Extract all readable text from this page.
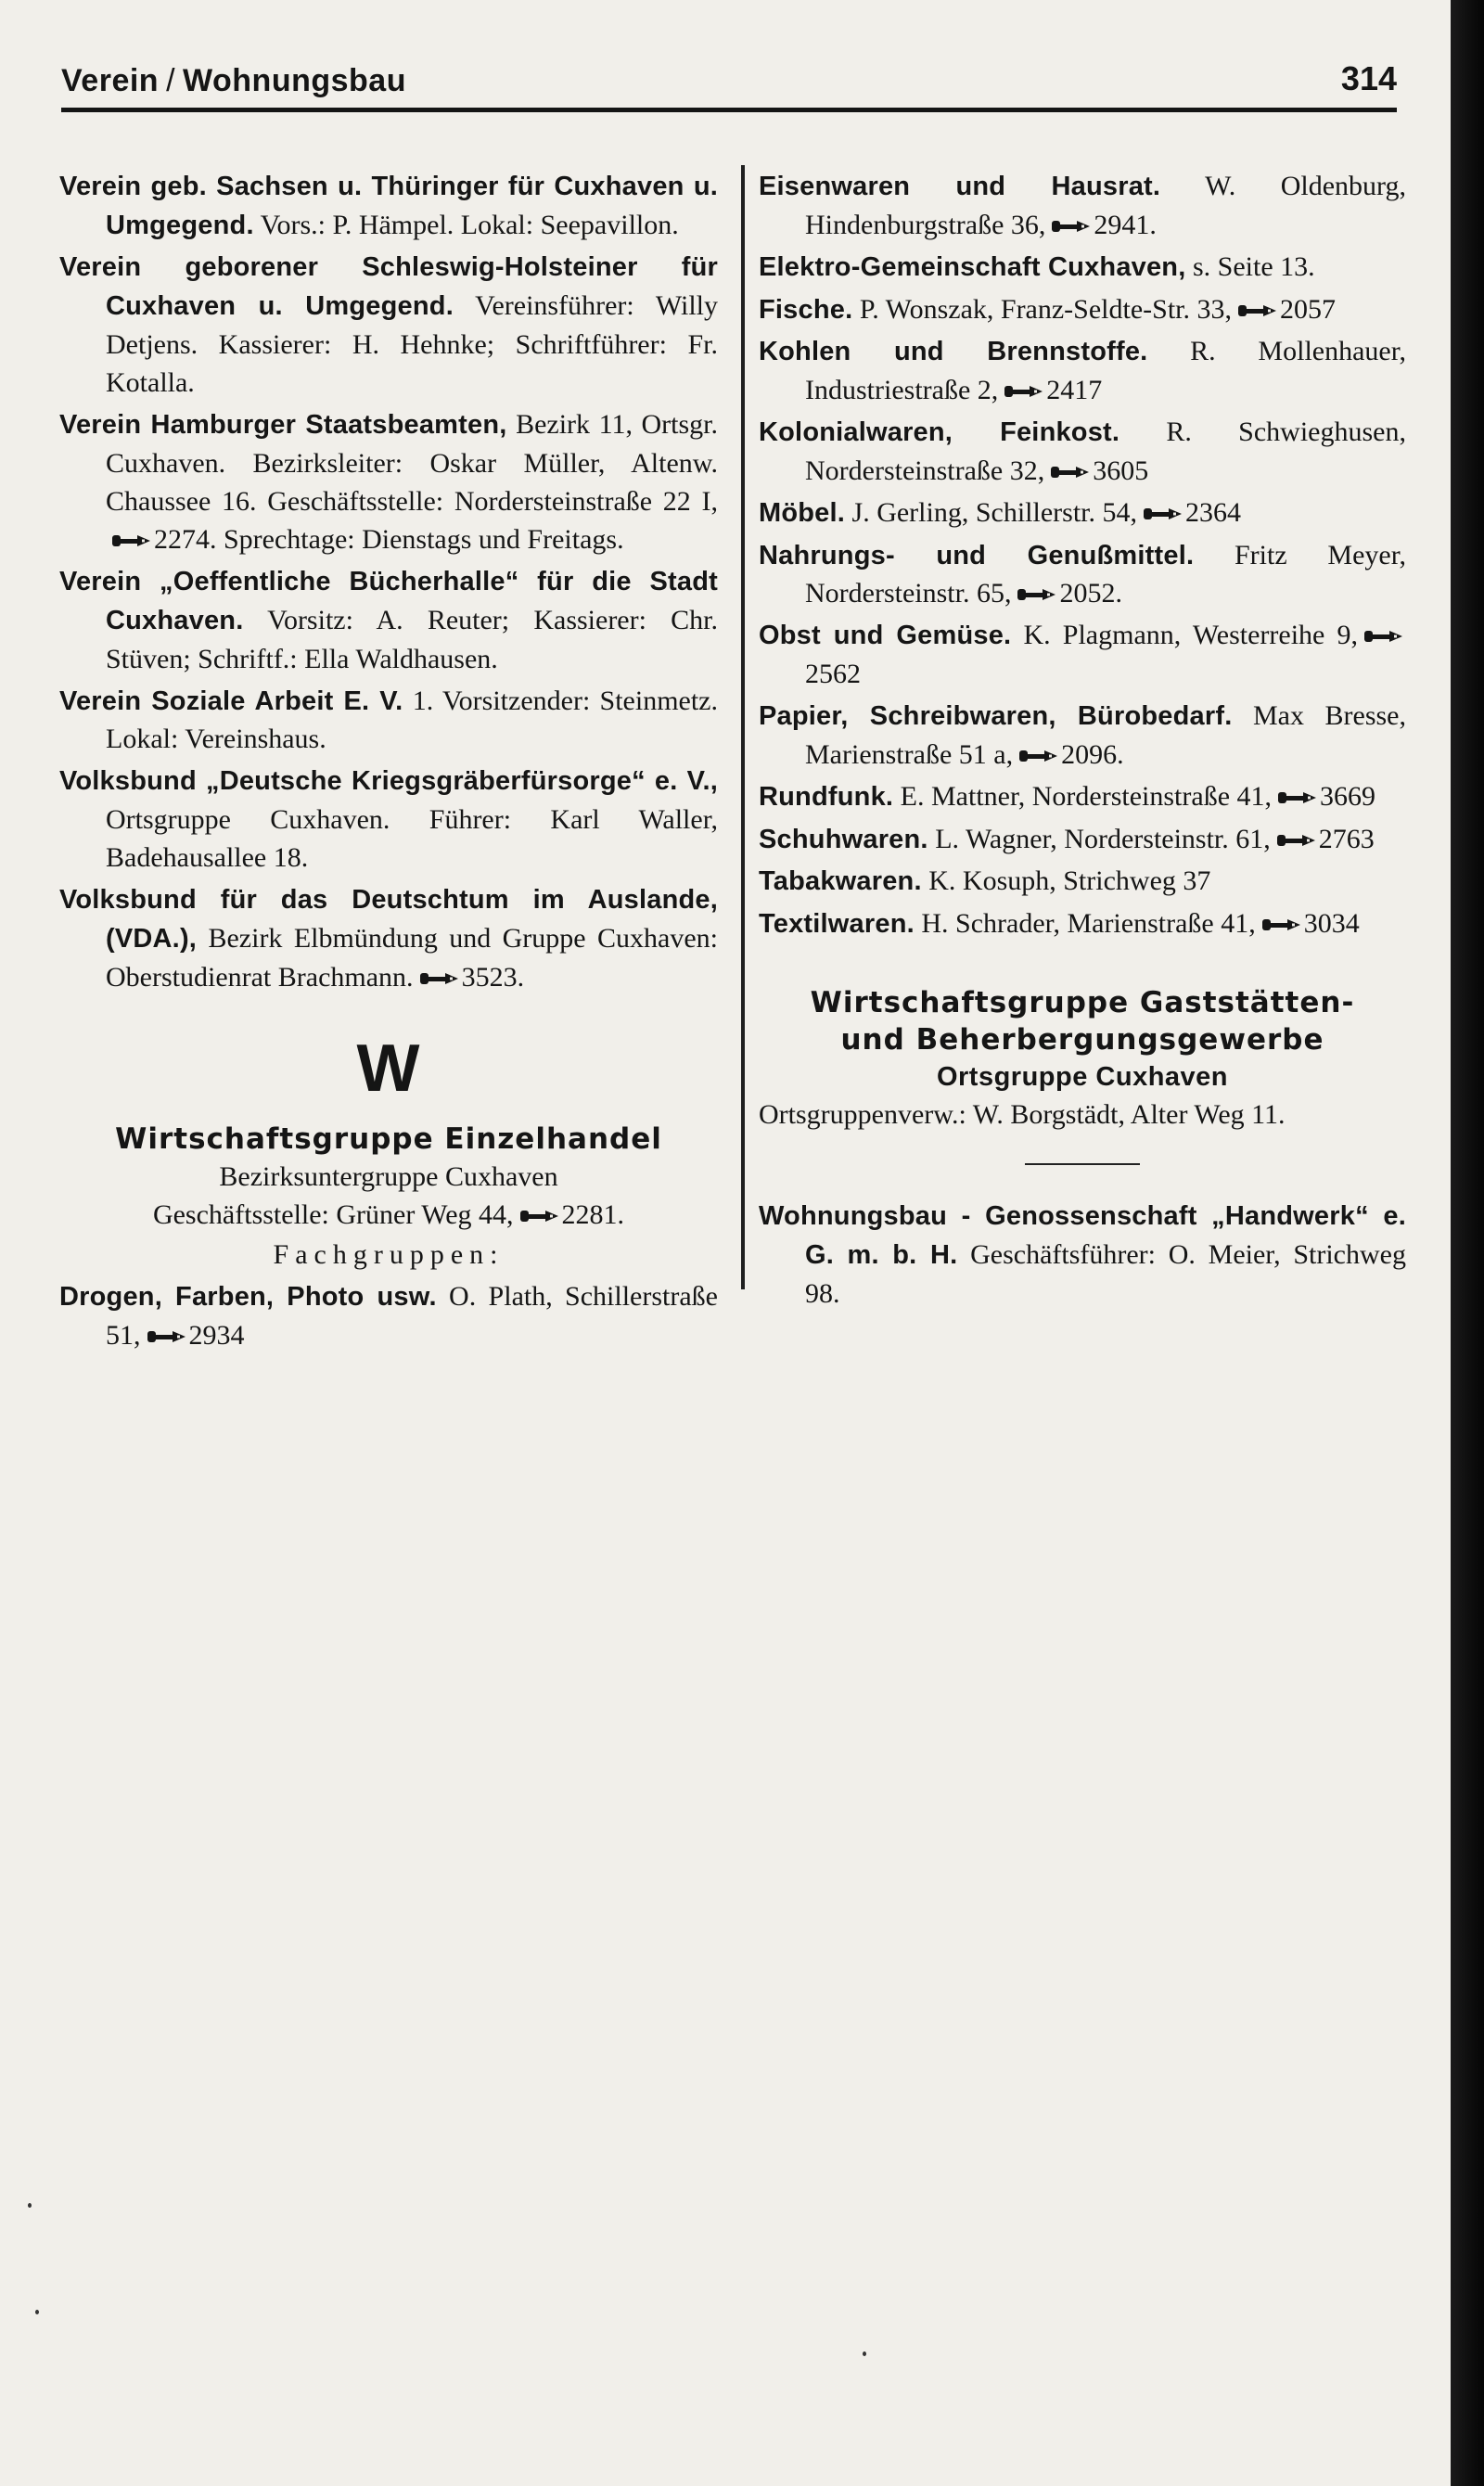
Verein / Wohnungsbau	314
Verein geb. Sachsen u. Thüringer für Cuxhaven u. Umgegend. Vors.: P. Hämpel. Lokal: Seepavillon.
Verein geborener Schleswig-Holsteiner für Cuxhaven u. Umgegend. Vereinsführer: Willy Detjens. Kassierer: H. Hehnke; Schriftführer: Fr. Kotalla.
Verein Hamburger Staatsbeamten, Bezirk 11, Ortsgr. Cuxhaven. Bezirksleiter: Oskar Müller, Altenw. Chaussee 16. Geschäftsstelle: Nordersteinstraße 22 I,
2274. Sprechtage: Dienstags und Freitags.
Verein „Oeffentliche Bücherhalle“ für die Stadt Cuxhaven. Vorsitz: A. Reuter; Kassierer: Chr. Stüven; Schriftf.: Ella Waldhausen.
Verein Soziale Arbeit E. V. 1. Vorsitzender: Steinmetz. Lokal: Vereinshaus.
Volksbund „Deutsche Kriegsgräberfürsorge“ e. V., Ortsgruppe Cuxhaven. Führer: Karl Waller, Badehausallee 18.
Volksbund für das Deutschtum im Auslande, (VDA.), Bezirk Elbmündung und Gruppe Cuxhaven: Oberstudienrat Brachmann. 3523.
W
Wirtschaftsgruppe Einzelhandel
Bezirksuntergruppe Cuxhaven
Geschäftsstelle: Grüner Weg 44, 2281.
Fachgruppen:
Drogen, Farben, Photo usw. O. Plath, Schillerstraße 51, 2934
Eisenwaren und Hausrat. W. Oldenburg, Hindenburgstraße 36, 2941.
Elektro-Gemeinschaft Cuxhaven, s. Seite 13.
Fische. P. Wonszak, Franz-Seldte-Str. 33, 2057
Kohlen und Brennstoffe. R. Mollenhauer, Industriestraße 2, 2417
Kolonialwaren, Feinkost. R. Schwieghusen, Nordersteinstraße 32, 3605
Möbel. J. Gerling, Schillerstr. 54, 2364
Nahrungs- und Genußmittel. Fritz Meyer, Nordersteinstr. 65, 2052.
Obst und Gemüse. K. Plagmann, Westerreihe 9,
2562
Papier, Schreibwaren, Bürobedarf. Max Bresse, Marienstraße 51 a, 2096.
Rundfunk. E. Mattner, Nordersteinstraße 41, 3669
Schuhwaren. L. Wagner, Nordersteinstr. 61, 2763
Tabakwaren. K. Kosuph, Strichweg 37
Textilwaren. H. Schrader, Marienstraße 41, 3034
Wirtschaftsgruppe Gaststätten-
und Beherbergungsgewerbe
Ortsgruppe Cuxhaven
Ortsgruppenverw.: W. Borgstädt, Alter Weg 11.
Wohnungsbau - Genossenschaft „Handwerk“ e. G. m. b. H. Geschäftsführer: O. Meier, Strichweg 98.
